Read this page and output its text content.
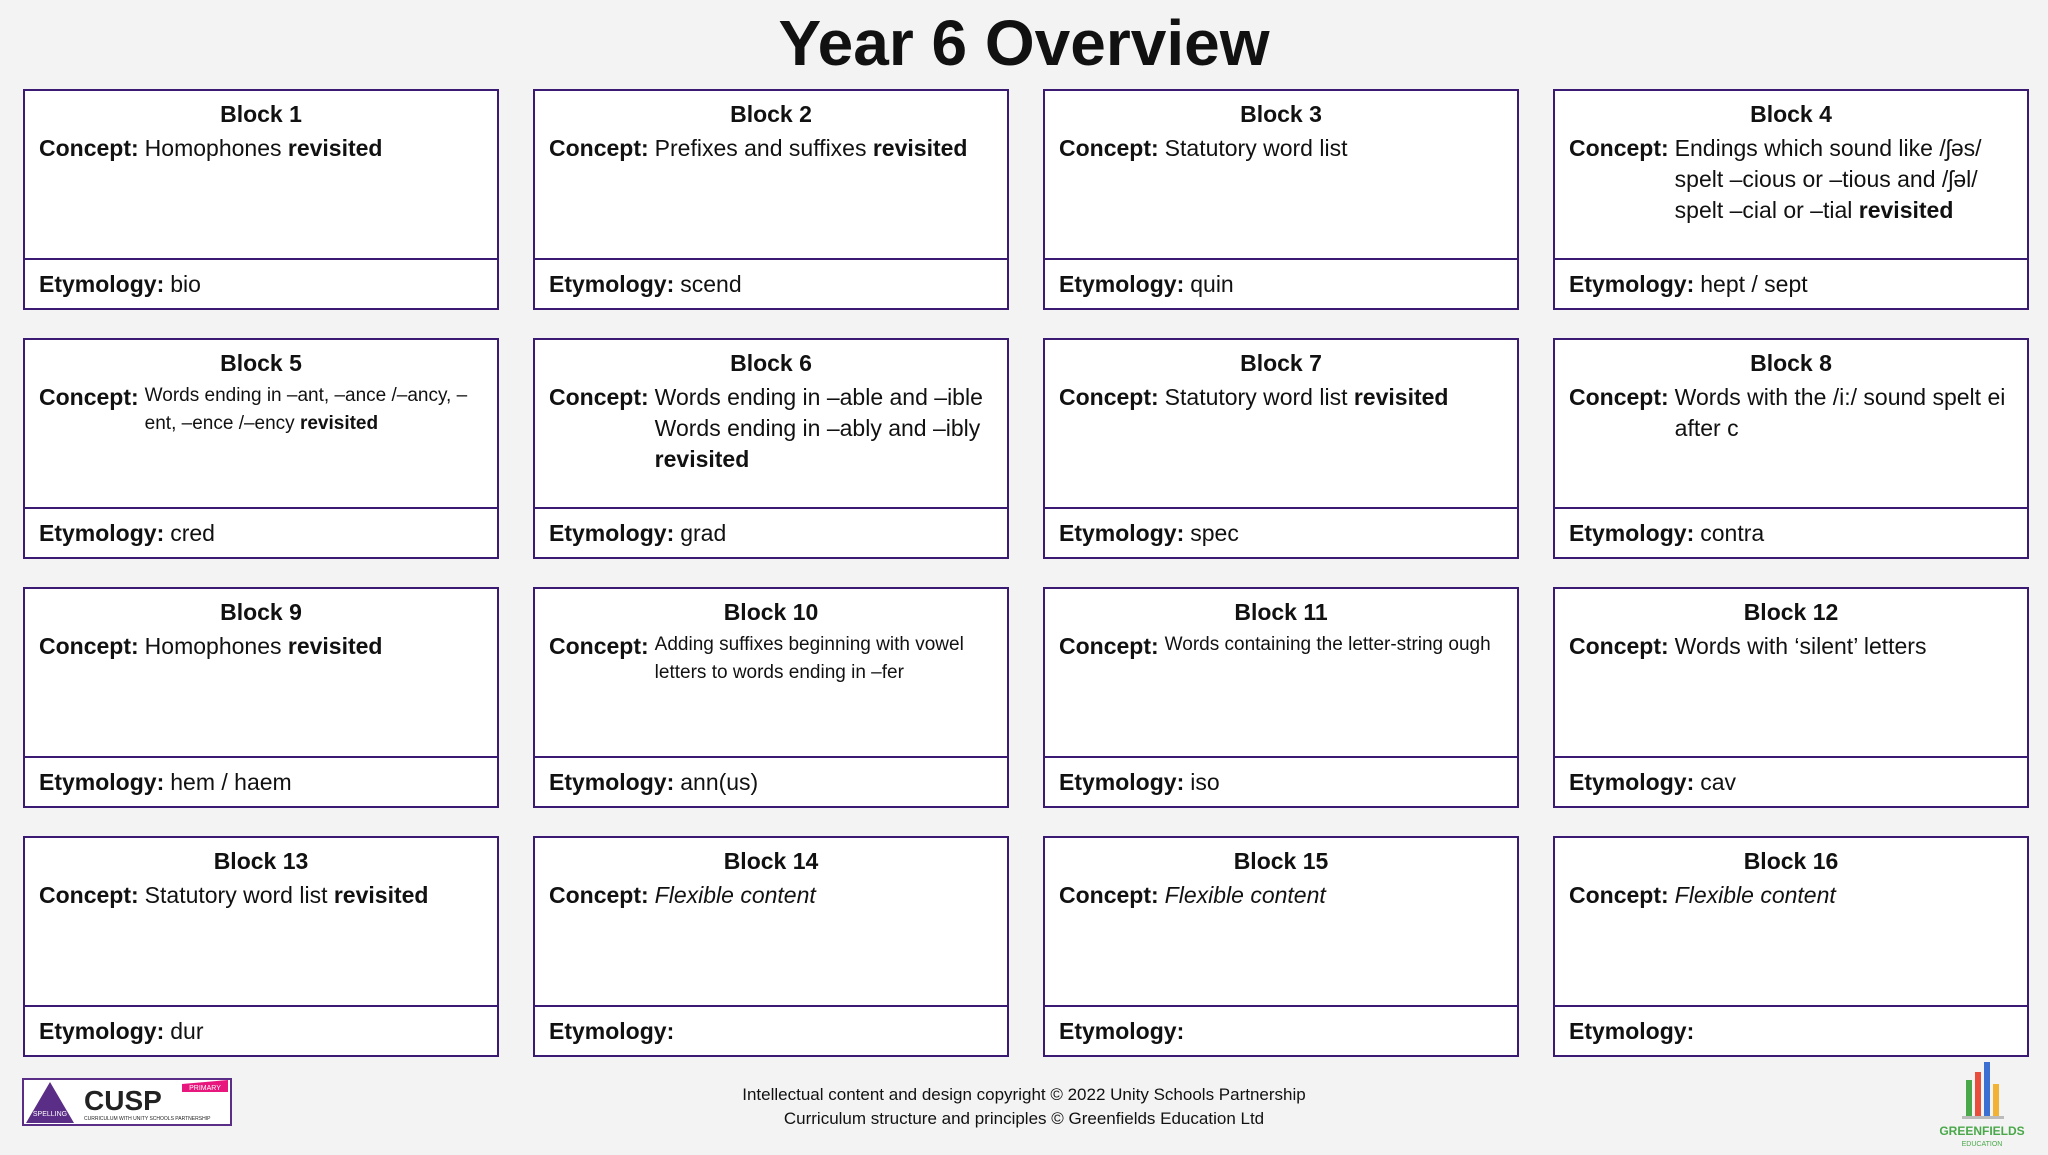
Year 6 Overview
Block 1
Concept: Homophones revisited
Etymology: bio
Block 2
Concept: Prefixes and suffixes revisited
Etymology: scend
Block 3
Concept: Statutory word list
Etymology: quin
Block 4
Concept: Endings which sound like /ʃəs/ spelt –cious or –tious and /ʃəl/ spelt –cial or –tial revisited
Etymology: hept / sept
Block 5
Concept: Words ending in –ant, –ance /–ancy, –ent, –ence /–ency revisited
Etymology: cred
Block 6
Concept: Words ending in –able and –ible Words ending in –ably and –ibly revisited
Etymology: grad
Block 7
Concept: Statutory word list revisited
Etymology: spec
Block 8
Concept: Words with the /i:/ sound spelt ei after c
Etymology: contra
Block 9
Concept: Homophones revisited
Etymology: hem / haem
Block 10
Concept: Adding suffixes beginning with vowel letters to words ending in –fer
Etymology: ann(us)
Block 11
Concept: Words containing the letter-string ough
Etymology: iso
Block 12
Concept: Words with ‘silent’ letters
Etymology: cav
Block 13
Concept: Statutory word list revisited
Etymology: dur
Block 14
Concept: Flexible content
Etymology:
Block 15
Concept: Flexible content
Etymology:
Block 16
Concept: Flexible content
Etymology:
SPELLING CUSP
CURRICULUM WITH UNITY SCHOOLS PARTNERSHIP
PRIMARY	Intellectual content and design copyright © 2022 Unity Schools Partnership
Curriculum structure and principles © Greenfields Education Ltd
GREENFIELDS
EDUCATION
